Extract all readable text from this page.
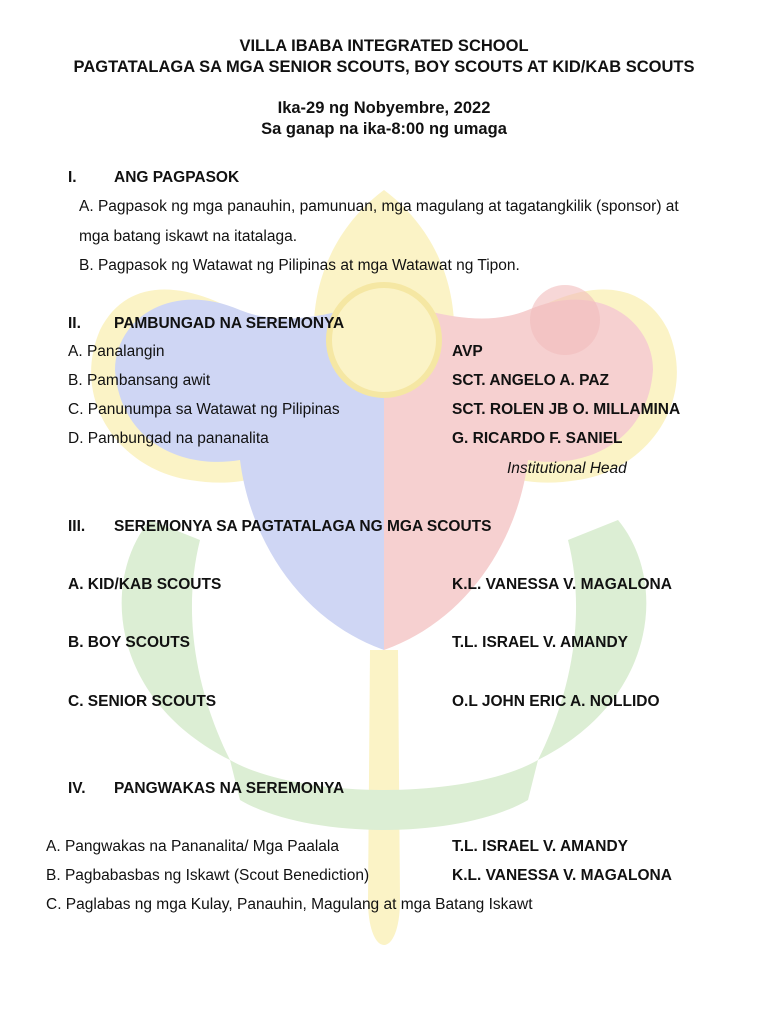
VILLA IBABA INTEGRATED SCHOOL
PAGTATALAGA SA MGA SENIOR SCOUTS, BOY SCOUTS AT KID/KAB SCOUTS
Ika-29 ng Nobyembre, 2022
Sa ganap na ika-8:00 ng umaga
I. ANG PAGPASOK
A. Pagpasok ng mga panauhin, pamunuan, mga magulang at tagatangkilik (sponsor) at
mga batang iskawt na itatalaga.
B. Pagpasok ng Watawat ng Pilipinas at mga Watawat ng Tipon.
II. PAMBUNGAD NA SEREMONYA
A. Panalangin	AVP
B. Pambansang awit	SCT. ANGELO A. PAZ
C. Panunumpa sa Watawat ng Pilipinas	SCT. ROLEN JB O. MILLAMINA
D. Pambungad na pananalita	G. RICARDO F. SANIEL
Institutional Head
III. SEREMONYA SA PAGTATALAGA NG MGA SCOUTS
A. KID/KAB SCOUTS	K.L. VANESSA V. MAGALONA
B. BOY SCOUTS	T.L. ISRAEL V. AMANDY
C. SENIOR SCOUTS	O.L JOHN ERIC A. NOLLIDO
IV. PANGWAKAS NA SEREMONYA
A. Pangwakas na Pananalita/ Mga Paalala	T.L. ISRAEL V. AMANDY
B. Pagbabasbas ng Iskawt (Scout Benediction)	K.L. VANESSA V. MAGALONA
C. Paglabas ng mga Kulay, Panauhin, Magulang at mga Batang Iskawt
